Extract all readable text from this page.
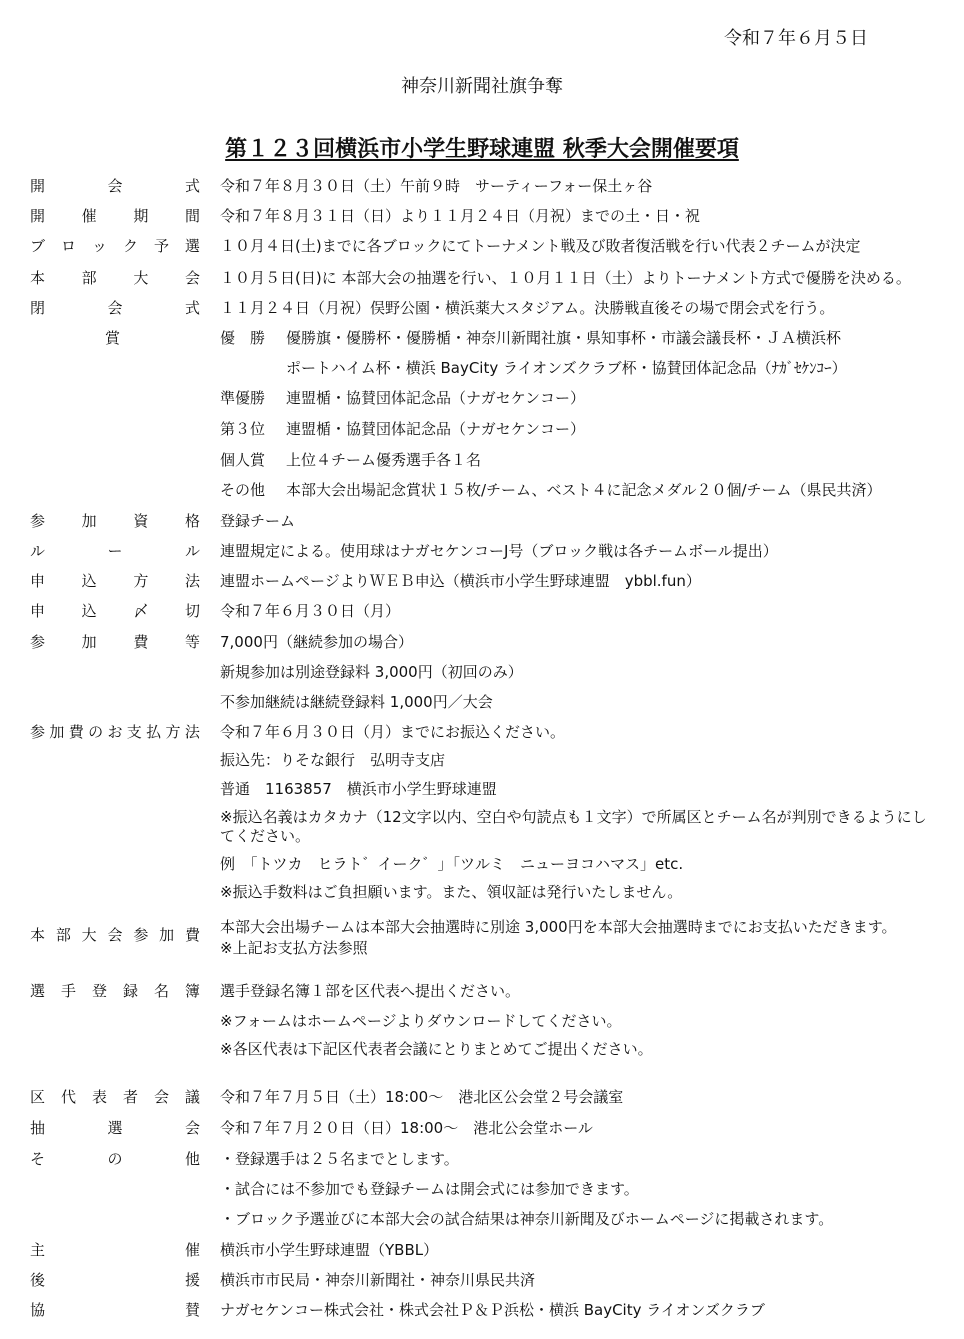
令和７年６月５日
神奈川新聞社旗争奪
第１２３回横浜市小学生野球連盟 秋季大会開催要項
開	会	式 令和７年８月３０日（土）午前９時　サーティーフォー保土ヶ谷
開 催 期 間 令和７年８月３１日（日）より１１月２４日（月祝）までの土・日・祝
ブ ロ ッ ク 予 選 １０月４日(土)までに各ブロックにてトーナメント戦及び敗者復活戦を行い代表２チームが決定
本 部 大 会 １０月５日(日)に 本部大会の抽選を行い、１０月１１日（土）よりトーナメント方式で優勝を決める。
閉	会	式 １１月２４日（月祝）俣野公園・横浜薬大スタジアム。決勝戦直後その場で閉会式を行う。
賞	優　勝 優勝旗・優勝杯・優勝楯・神奈川新聞社旗・県知事杯・市議会議長杯・ＪＡ横浜杯
ポートハイム杯・横浜 BayCity ライオンズクラブ杯・協賛団体記念品（ﾅｶﾞｾｹﾝｺｰ）
準優勝 連盟楯・協賛団体記念品（ナガセケンコー）
第３位 連盟楯・協賛団体記念品（ナガセケンコー）
個人賞 上位４チーム優秀選手各１名
その他 本部大会出場記念賞状１５枚/チーム、ベスト４に記念メダル２０個/チーム（県民共済）
参 加 資 格 登録チーム
ル	ー	ル 連盟規定による。使用球はナガセケンコーJ号（ブロック戦は各チームボール提出）
申 込 方 法 連盟ホームページよりＷＥＢ申込（横浜市小学生野球連盟　ybbl.fun）
申 込 〆 切 令和７年６月３０日（月）
参 加 費 等 7,000円（継続参加の場合）
新規参加は別途登録料 3,000円（初回のみ）
不参加継続は継続登録料 1,000円／大会
参 加 費 の お 支 払 方 法 令和７年６月３０日（月）までにお振込ください。
振込先：りそな銀行　弘明寺支店
普通　1163857　横浜市小学生野球連盟
※振込名義はカタカナ（12文字以内、空白や句読点も１文字）で所属区とチーム名が判別できるようにしてください。
例　「トツカ　ヒラト゛イーク゛」「ツルミ　ニューヨコハマス」etc.
※振込手数料はご負担願います。また、領収証は発行いたしません。
本 部 大 会 参 加 費 本部大会出場チームは本部大会抽選時に別途 3,000円を本部大会抽選時までにお支払いただきます。
※上記お支払方法参照
選 手 登 録 名 簿 選手登録名簿１部を区代表へ提出ください。
※フォームはホームページよりダウンロードしてください。
※各区代表は下記区代表者会議にとりまとめてご提出ください。
区 代 表 者 会 議 令和７年７月５日（土）18:00～　港北区公会堂２号会議室
抽	選	会 令和７年７月２０日（日）18:00～　港北公会堂ホール
そ	の	他 ・登録選手は２５名までとします。
・試合には不参加でも登録チームは開会式には参加できます。
・ブロック予選並びに本部大会の試合結果は神奈川新聞及びホームページに掲載されます。
主	催 横浜市小学生野球連盟（YBBL）
後	援 横浜市市民局・神奈川新聞社・神奈川県民共済
協	賛 ナガセケンコー株式会社・株式会社Ｐ＆Ｐ浜松・横浜 BayCity ライオンズクラブ
